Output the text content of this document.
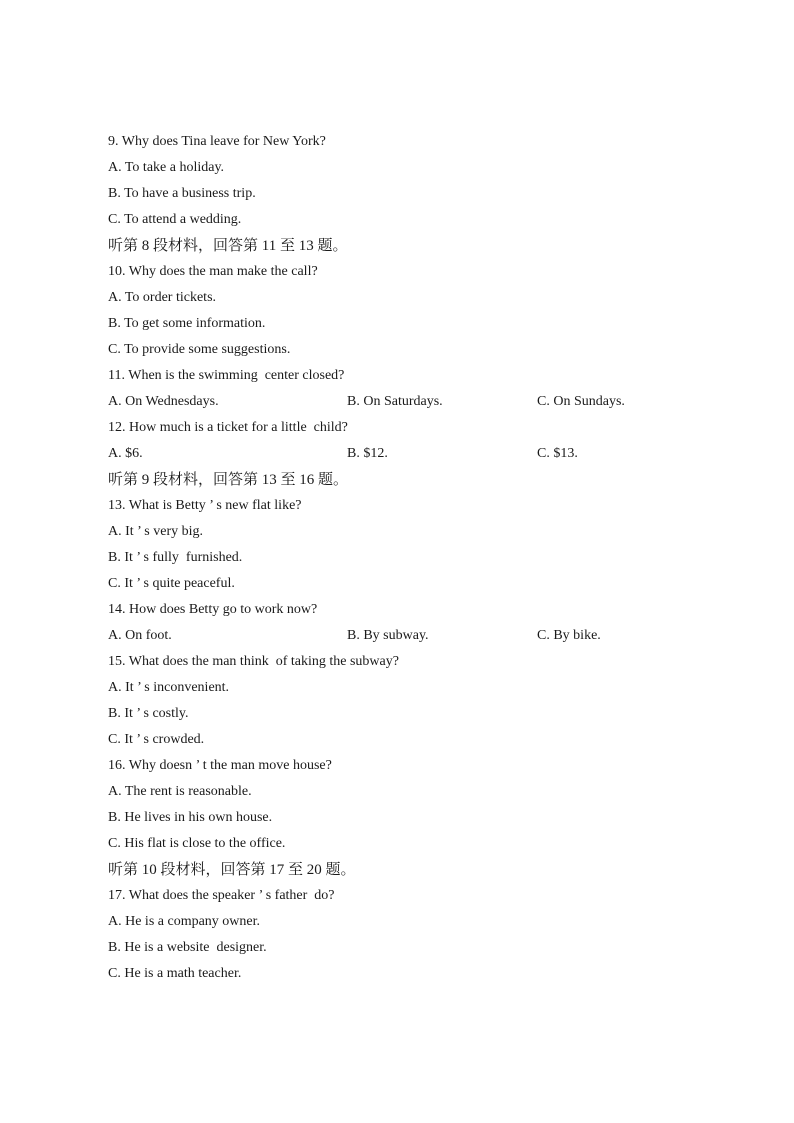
9. Why does Tina leave for New York?
A. To take a holiday.
B. To have a business trip.
C. To attend a wedding.
听第 8 段材料，回答第 11 至 13 题。
10. Why does the man make the call?
A. To order tickets.
B. To get some information.
C. To provide some suggestions.
11. When is the swimming  center closed?
A. On Wednesdays.	B. On Saturdays.	C. On Sundays.
12. How much is a ticket for a little  child?
A. $6.	B. $12.	C. $13.
听第 9 段材料，回答第 13 至 16 题。
13. What is Betty ’ s new flat like?
A. It ’ s very big.
B. It ’ s fully  furnished.
C. It ’ s quite peaceful.
14. How does Betty go to work now?
A. On foot.	B. By subway.	C. By bike.
15. What does the man think  of taking the subway?
A. It ’ s inconvenient.
B. It ’ s costly.
C. It ’ s crowded.
16. Why doesn ’ t the man move house?
A. The rent is reasonable.
B. He lives in his own house.
C. His flat is close to the office.
听第 10 段材料，回答第 17 至 20 题。
17. What does the speaker ’ s father  do?
A. He is a company owner.
B. He is a website  designer.
C. He is a math teacher.
